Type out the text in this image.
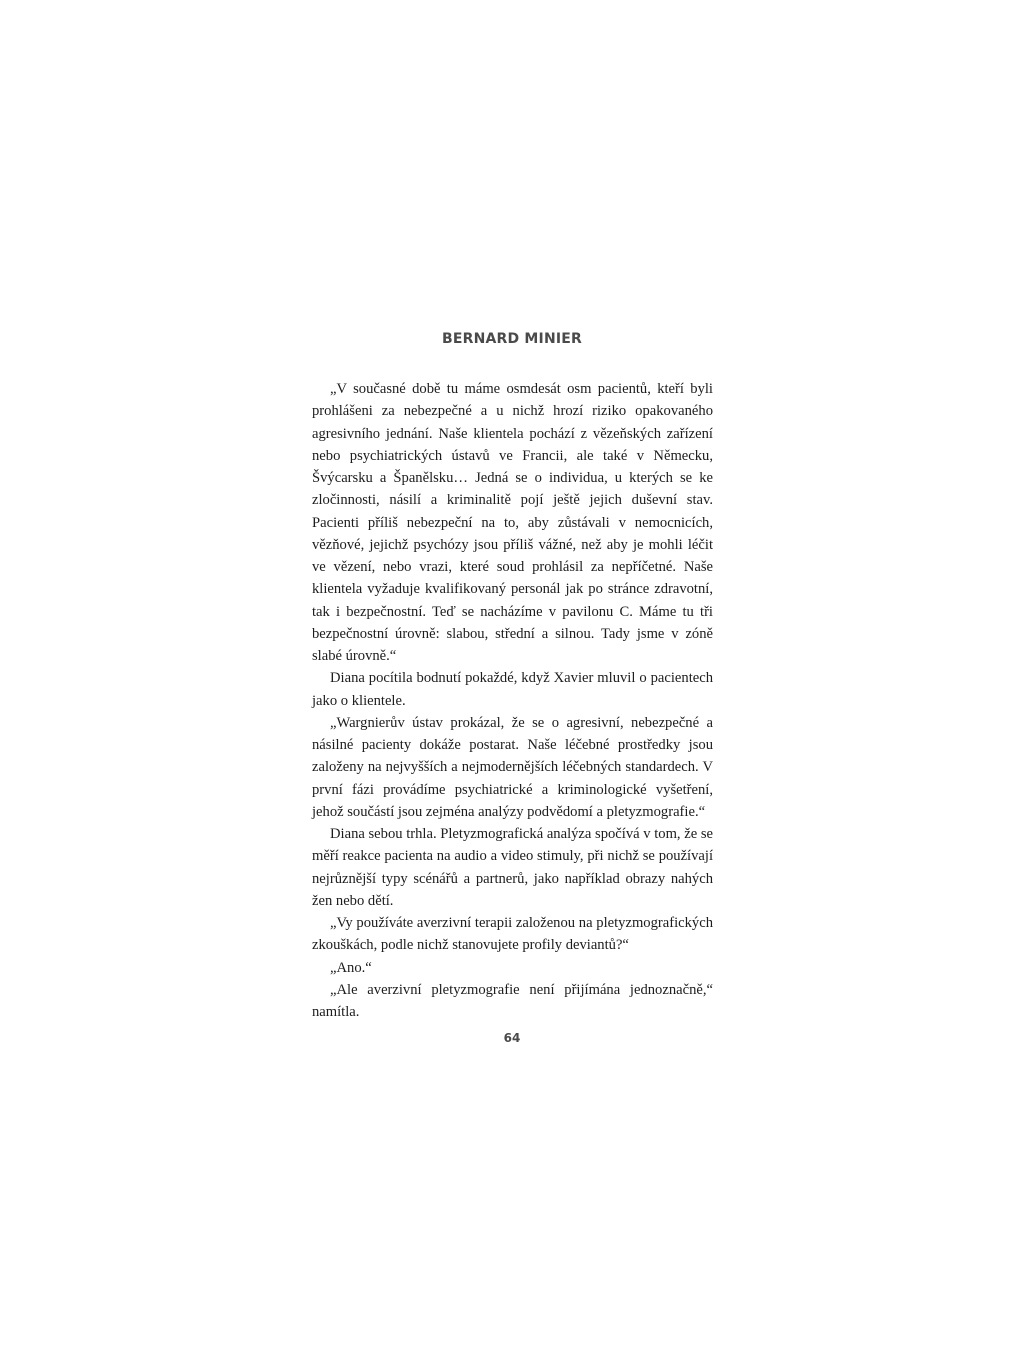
BERNARD MINIER

„V současné době tu máme osmdesát osm pacientů, kteří byli prohlášeni za nebezpečné a u nichž hrozí riziko opakovaného agresivního jednání. Naše klientela pochází z vězeňských zařízení nebo psychiatrických ústavů ve Francii, ale také v Německu, Švýcarsku a Španělsku… Jedná se o individua, u kterých se ke zločinnosti, násilí a kriminalitě pojí ještě jejich duševní stav. Pacienti příliš nebezpeční na to, aby zůstávali v nemocnicích, vězňové, jejichž psychózy jsou příliš vážné, než aby je mohli léčit ve vězení, nebo vrazi, které soud prohlásil za nepříčetné. Naše klientela vyžaduje kvalifikovaný personál jak po stránce zdravotní, tak i bezpečnostní. Teď se nacházíme v pavilonu C. Máme tu tři bezpečnostní úrovně: slabou, střední a silnou. Tady jsme v zóně slabé úrovně.“

Diana pocítila bodnutí pokaždé, když Xavier mluvil o pacientech jako o klientele.

„Wargnierův ústav prokázal, že se o agresivní, nebezpečné a násilné pacienty dokáže postarat. Naše léčebné prostředky jsou založeny na nejvyšších a nejmodernějších léčebných standardech. V první fázi provádíme psychiatrické a kriminologické vyšetření, jehož součástí jsou zejména analýzy podvědomí a pletyzmografie.“

Diana sebou trhla. Pletyzmografická analýza spočívá v tom, že se měří reakce pacienta na audio a video stimuly, při nichž se používají nejrůznější typy scénářů a partnerů, jako například obrazy nahých žen nebo dětí.

„Vy používáte averzivní terapii založenou na pletyzmografických zkouškách, podle nichž stanovujete profily deviantů?“

„Ano.“

„Ale averzivní pletyzmografie není přijímána jednoznačně,“ namítla.

64
